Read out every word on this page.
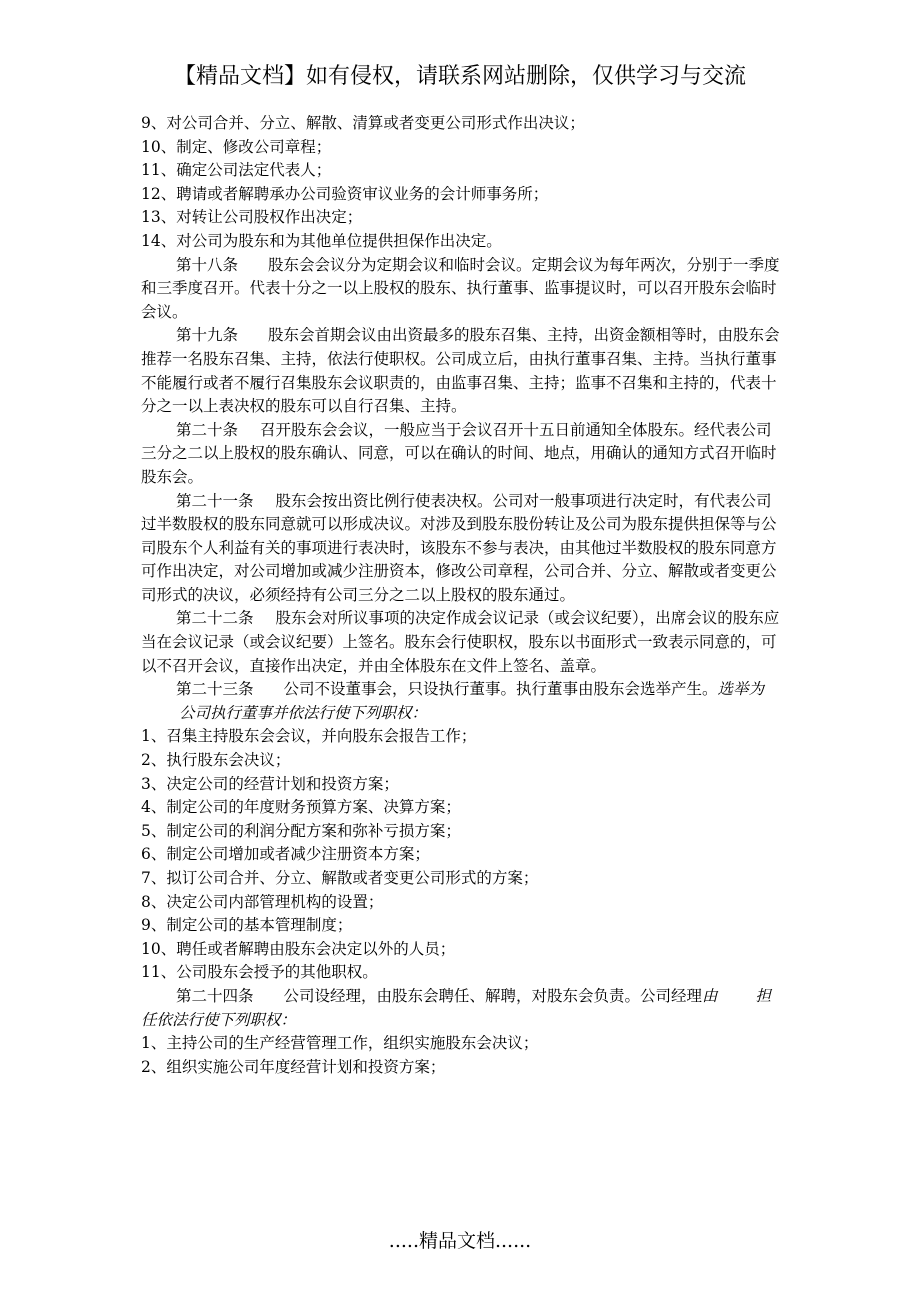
【精品文档】如有侵权，请联系网站删除，仅供学习与交流

9、对公司合并、分立、解散、清算或者变更公司形式作出决议；

10、制定、修改公司章程；

11、确定公司法定代表人；

12、聘请或者解聘承办公司验资审议业务的会计师事务所；

13、对转让公司股权作出决定；

14、对公司为股东和为其他单位提供担保作出决定。

第十八条 股东会会议分为定期会议和临时会议。定期会议为每年两次，分别于一季度和三季度召开。代表十分之一以上股权的股东、执行董事、监事提议时，可以召开股东会临时会议。

第十九条 股东会首期会议由出资最多的股东召集、主持，出资金额相等时，由股东会推荐一名股东召集、主持，依法行使职权。公司成立后，由执行董事召集、主持。当执行董事不能履行或者不履行召集股东会议职责的，由监事召集、主持；监事不召集和主持的，代表十分之一以上表决权的股东可以自行召集、主持。

第二十条 召开股东会会议，一般应当于会议召开十五日前通知全体股东。经代表公司三分之二以上股权的股东确认、同意，可以在确认的时间、地点，用确认的通知方式召开临时股东会。

第二十一条 股东会按出资比例行使表决权。公司对一般事项进行决定时，有代表公司过半数股权的股东同意就可以形成决议。对涉及到股东股份转让及公司为股东提供担保等与公司股东个人利益有关的事项进行表决时，该股东不参与表决，由其他过半数股权的股东同意方可作出决定，对公司增加或减少注册资本，修改公司章程，公司合并、分立、解散或者变更公司形式的决议，必须经持有公司三分之二以上股权的股东通过。

第二十二条 股东会对所议事项的决定作成会议记录（或会议纪要），出席会议的股东应当在会议记录（或会议纪要）上签名。股东会行使职权，股东以书面形式一致表示同意的，可以不召开会议，直接作出决定，并由全体股东在文件上签名、盖章。

第二十三条 公司不设董事会，只设执行董事。执行董事由股东会选举产生。选举为公司执行董事并依法行使下列职权：

1、召集主持股东会会议，并向股东会报告工作；

2、执行股东会决议；

3、决定公司的经营计划和投资方案；

4、制定公司的年度财务预算方案、决算方案；

5、制定公司的利润分配方案和弥补亏损方案；

6、制定公司增加或者减少注册资本方案；

7、拟订公司合并、分立、解散或者变更公司形式的方案；

8、决定公司内部管理机构的设置；

9、制定公司的基本管理制度；

10、聘任或者解聘由股东会决定以外的人员；

11、公司股东会授予的其他职权。

第二十四条 公司设经理，由股东会聘任、解聘，对股东会负责。公司经理由 担任依法行使下列职权：

1、主持公司的生产经营管理工作，组织实施股东会决议；

2、组织实施公司年度经营计划和投资方案；

.....精品文档......
